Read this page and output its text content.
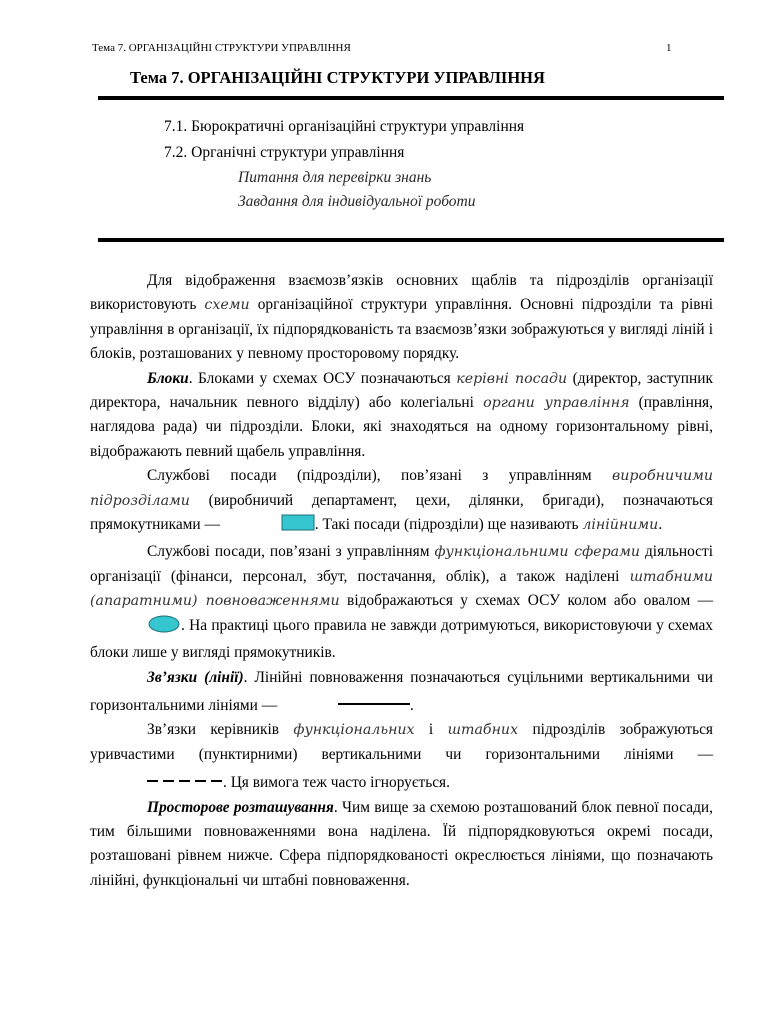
Тема 7. ОРГАНІЗАЦІЙНІ СТРУКТУРИ УПРАВЛІННЯ	1
Тема 7. ОРГАНІЗАЦІЙНІ СТРУКТУРИ УПРАВЛІННЯ
7.1. Бюрократичні організаційні структури управління
7.2. Органічні структури управління
Питання для перевірки знань
Завдання для індивідуальної роботи

Для відображення взаємозв’язків основних щаблів та підрозділів організації використовують схеми організаційної структури управління. Основні підрозділи та рівні управління в організації, їх підпорядкованість та взаємозв’язки зображуються у вигляді ліній і блоків, розташованих у певному просторовому порядку.

Блоки. Блоками у схемах ОСУ позначаються керівні посади (директор, заступник директора, начальник певного відділу) або колегіальні органи управління (правління, наглядова рада) чи підрозділи. Блоки, які знаходяться на одному горизонтальному рівні, відображають певний щабель управління.

Службові посади (підрозділи), пов’язані з управлінням виробничими підрозділами (виробничий департамент, цехи, ділянки, бригади), позначаються прямокутниками —	. Такі посади (підрозділи) ще називають лінійними.

Службові посади, пов’язані з управлінням функціональними сферами діяльності організації (фінанси, персонал, збут, постачання, облік), а також наділені штабними (апаратними) повноваженнями відображаються у схемах ОСУ колом або овалом — . На практиці цього правила не завжди дотримуються, використовуючи у схемах блоки лише у вигляді прямокутників.

Зв’язки (лінії). Лінійні повноваження позначаються суцільними вертикальними чи горизонтальними лініями —	.

Зв’язки керівників функціональних і штабних підрозділів зображуються уривчастими (пунктирними) вертикальними чи горизонтальними лініями — . Ця вимога теж часто ігнорується.

Просторове розташування. Чим вище за схемою розташований блок певної посади, тим більшими повноваженнями вона наділена. Їй підпорядковуються окремі посади, розташовані рівнем нижче. Сфера підпорядкованості окреслюється лініями, що позначають лінійні, функціональні чи штабні повноваження.
